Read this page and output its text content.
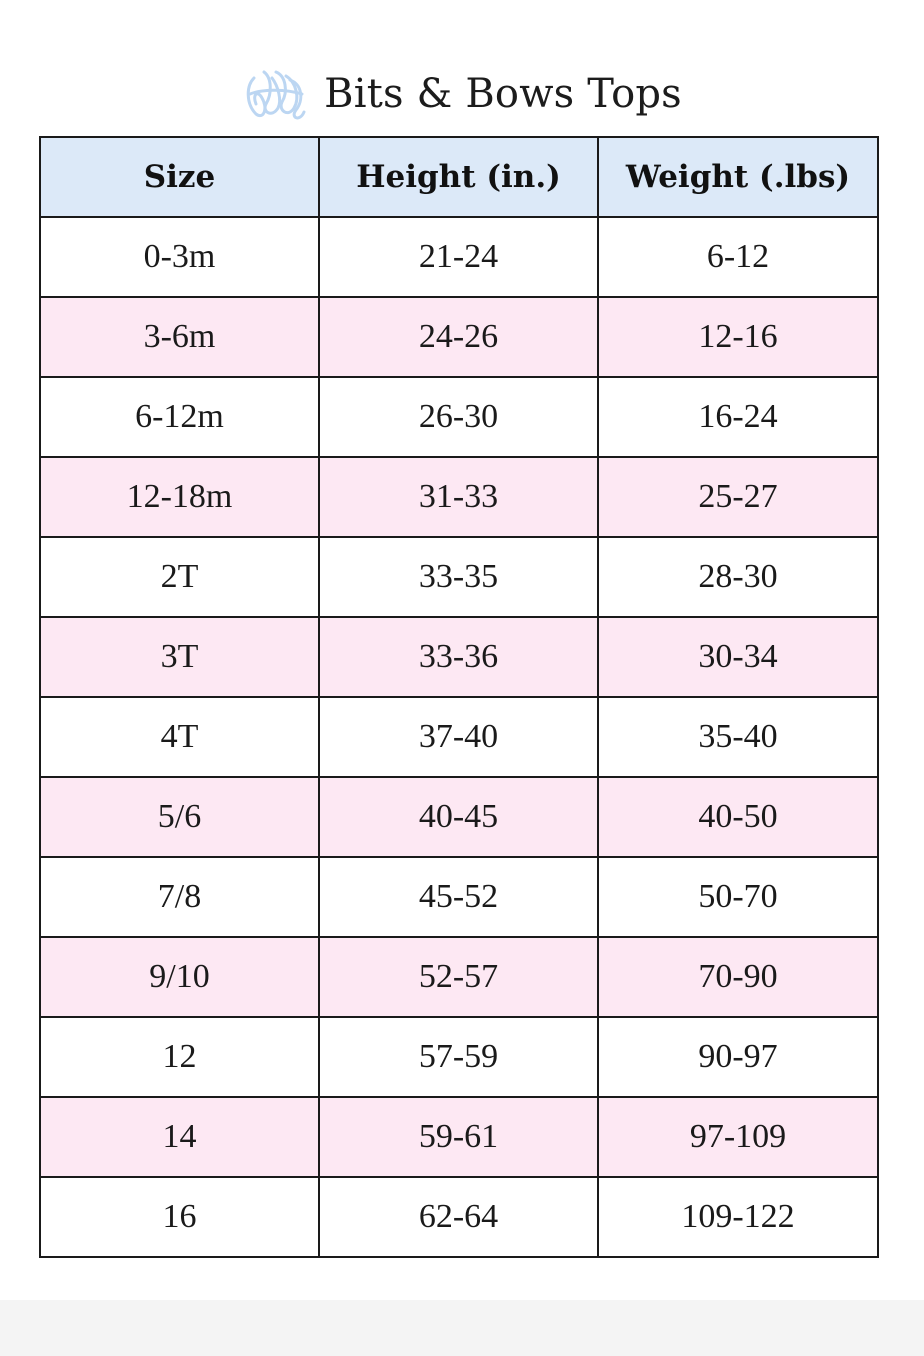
Bits & Bows Tops
Size	Height (in.)	Weight (.lbs)
0-3m	21-24	6-12
3-6m	24-26	12-16
6-12m	26-30	16-24
12-18m	31-33	25-27
2T	33-35	28-30
3T	33-36	30-34
4T	37-40	35-40
5/6	40-45	40-50
7/8	45-52	50-70
9/10	52-57	70-90
12	57-59	90-97
14	59-61	97-109
16	62-64	109-122
